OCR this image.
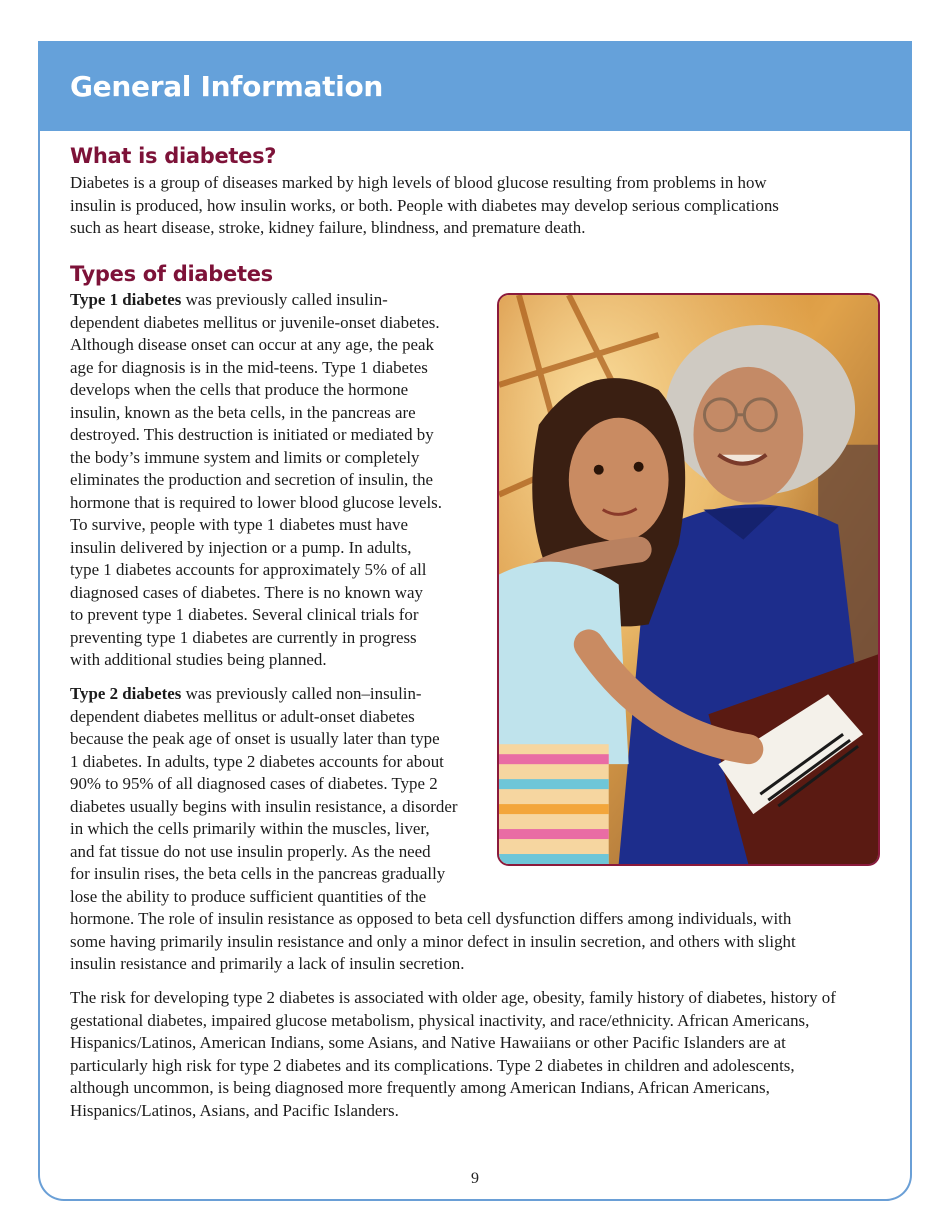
General Information
What is diabetes?

Diabetes is a group of diseases marked by high levels of blood glucose resulting from problems in how
insulin is produced, how insulin works, or both. People with diabetes may develop serious complications
such as heart disease, stroke, kidney failure, blindness, and premature death.

Types of diabetes

Type 1 diabetes was previously called insulin-
dependent diabetes mellitus or juvenile-onset diabetes.
Although disease onset can occur at any age, the peak
age for diagnosis is in the mid-teens. Type 1 diabetes
develops when the cells that produce the hormone
insulin, known as the beta cells, in the pancreas are
destroyed. This destruction is initiated or mediated by
the body’s immune system and limits or completely
eliminates the production and secretion of insulin, the
hormone that is required to lower blood glucose levels.
To survive, people with type 1 diabetes must have
insulin delivered by injection or a pump. In adults,
type 1 diabetes accounts for approximately 5% of all
diagnosed cases of diabetes. There is no known way
to prevent type 1 diabetes. Several clinical trials for
preventing type 1 diabetes are currently in progress
with additional studies being planned.

Type 2 diabetes was previously called non–insulin-
dependent diabetes mellitus or adult-onset diabetes
because the peak age of onset is usually later than type
1 diabetes. In adults, type 2 diabetes accounts for about
90% to 95% of all diagnosed cases of diabetes. Type 2
diabetes usually begins with insulin resistance, a disorder
in which the cells primarily within the muscles, liver,
and fat tissue do not use insulin properly. As the need
for insulin rises, the beta cells in the pancreas gradually
lose the ability to produce sufficient quantities of the
hormone. The role of insulin resistance as opposed to beta cell dysfunction differs among individuals, with
some having primarily insulin resistance and only a minor defect in insulin secretion, and others with slight
insulin resistance and primarily a lack of insulin secretion.

The risk for developing type 2 diabetes is associated with older age, obesity, family history of diabetes, history of
gestational diabetes, impaired glucose metabolism, physical inactivity, and race/ethnicity. African Americans,
Hispanics/Latinos, American Indians, some Asians, and Native Hawaiians or other Pacific Islanders are at
particularly high risk for type 2 diabetes and its complications. Type 2 diabetes in children and adolescents,
although uncommon, is being diagnosed more frequently among American Indians, African Americans,
Hispanics/Latinos, Asians, and Pacific Islanders.

9
